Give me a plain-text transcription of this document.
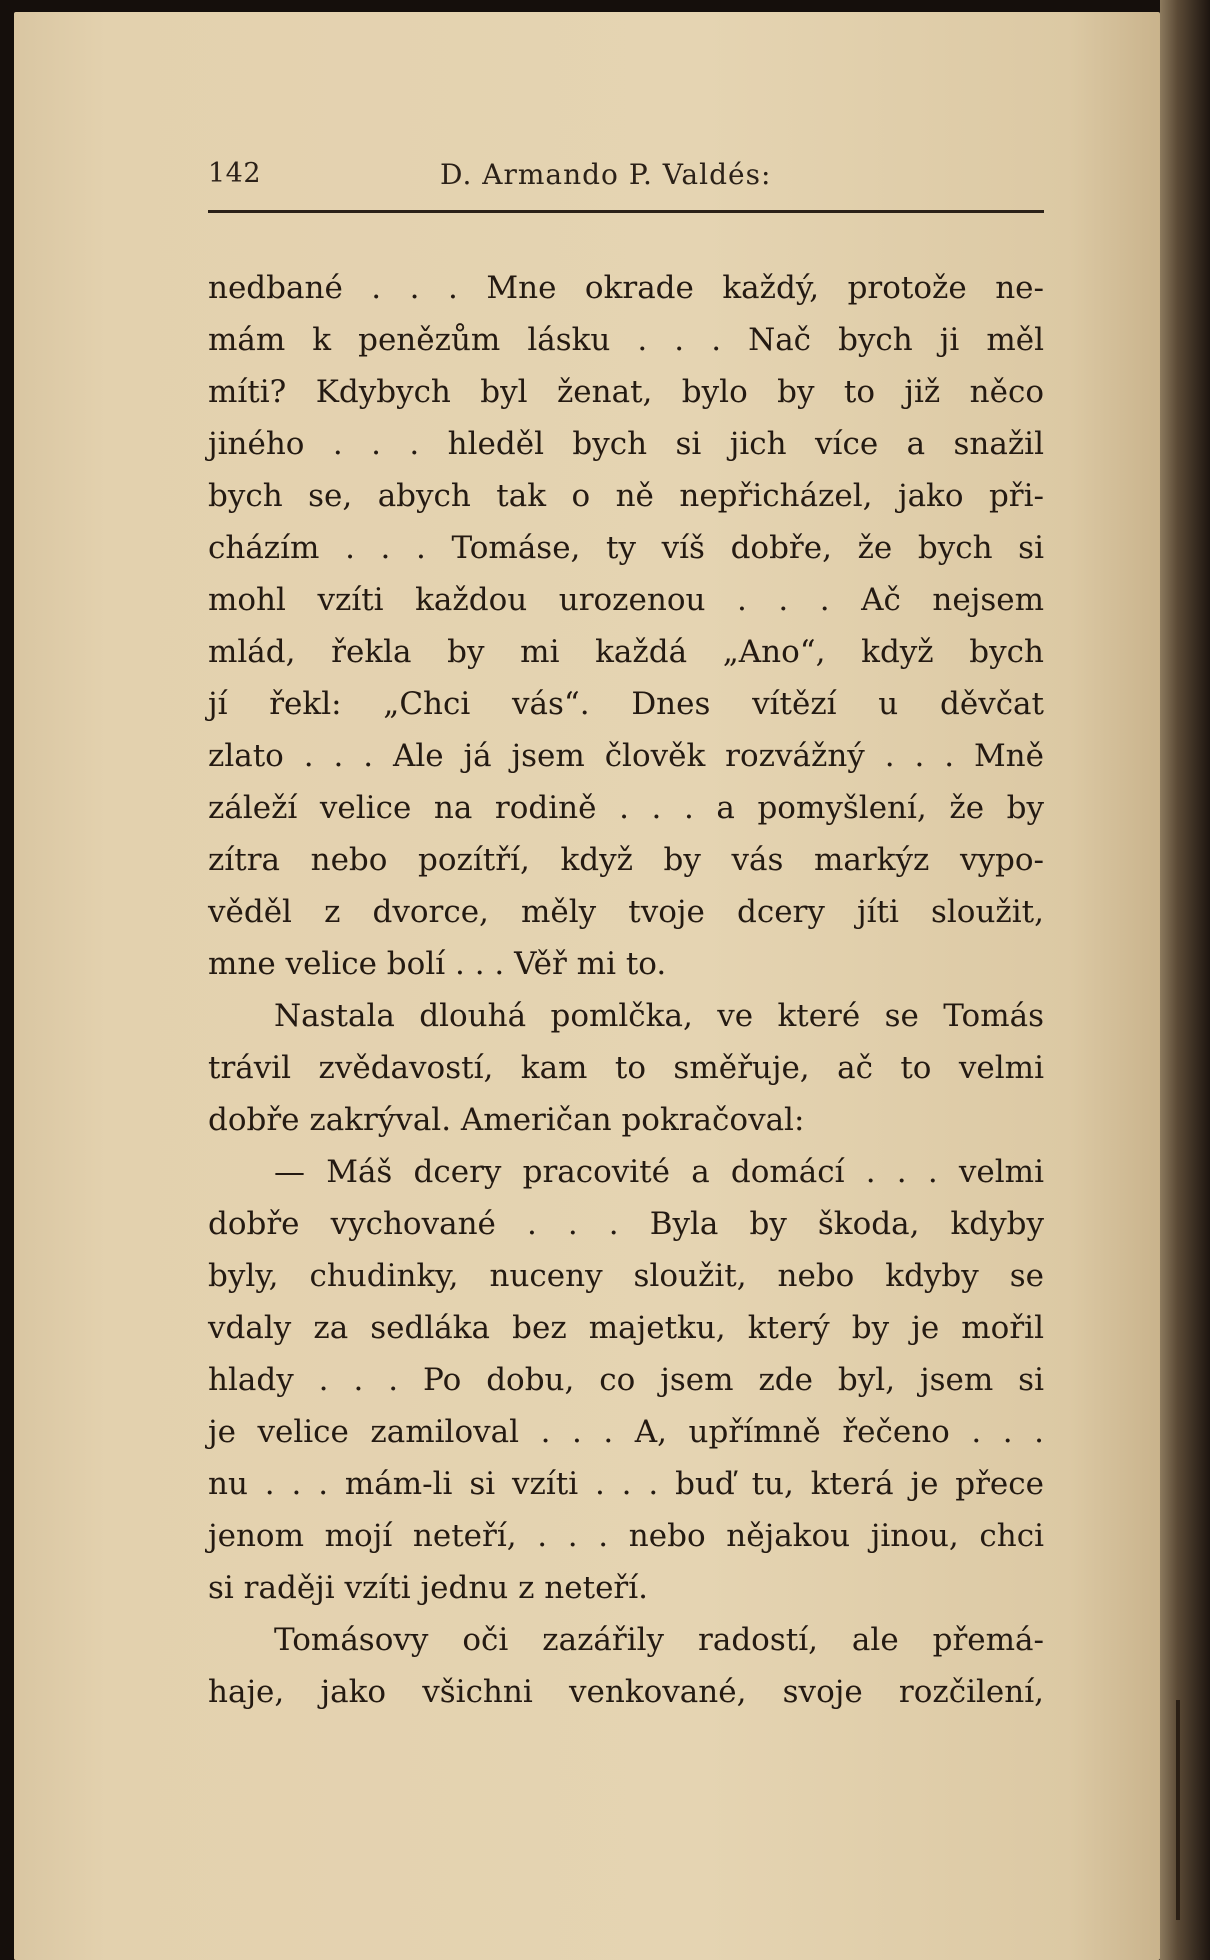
142	D. Armando P. Valdés:
nedbané . . . Mne okrade každý, protože ne-
mám k penězům lásku . . . Nač bych ji měl
míti? Kdybych byl ženat, bylo by to již něco
jiného . . . hleděl bych si jich více a snažil
bych se, abych tak o ně nepřicházel, jako při-
cházím . . . Tomáse, ty víš dobře, že bych si
mohl vzíti každou urozenou . . . Ač nejsem
mlád, řekla by mi každá „Ano“, když bych
jí řekl: „Chci vás“. Dnes vítězí u děvčat
zlato . . . Ale já jsem člověk rozvážný . . . Mně
záleží velice na rodině . . . a pomyšlení, že by
zítra nebo pozítří, když by vás markýz vypo-
věděl z dvorce, měly tvoje dcery jíti sloužit,
mne velice bolí . . . Věř mi to.
Nastala dlouhá pomlčka, ve které se Tomás
trávil zvědavostí, kam to směřuje, ač to velmi
dobře zakrýval. Američan pokračoval:
— Máš dcery pracovité a domácí . . . velmi
dobře vychované . . . Byla by škoda, kdyby
byly, chudinky, nuceny sloužit, nebo kdyby se
vdaly za sedláka bez majetku, který by je mořil
hlady . . . Po dobu, co jsem zde byl, jsem si
je velice zamiloval . . . A, upřímně řečeno . . .
nu . . . mám-li si vzíti . . . buď tu, která je přece
jenom mojí neteří, . . . nebo nějakou jinou, chci
si raději vzíti jednu z neteří.
Tomásovy oči zazářily radostí, ale přemá-
haje, jako všichni venkované, svoje rozčilení,
